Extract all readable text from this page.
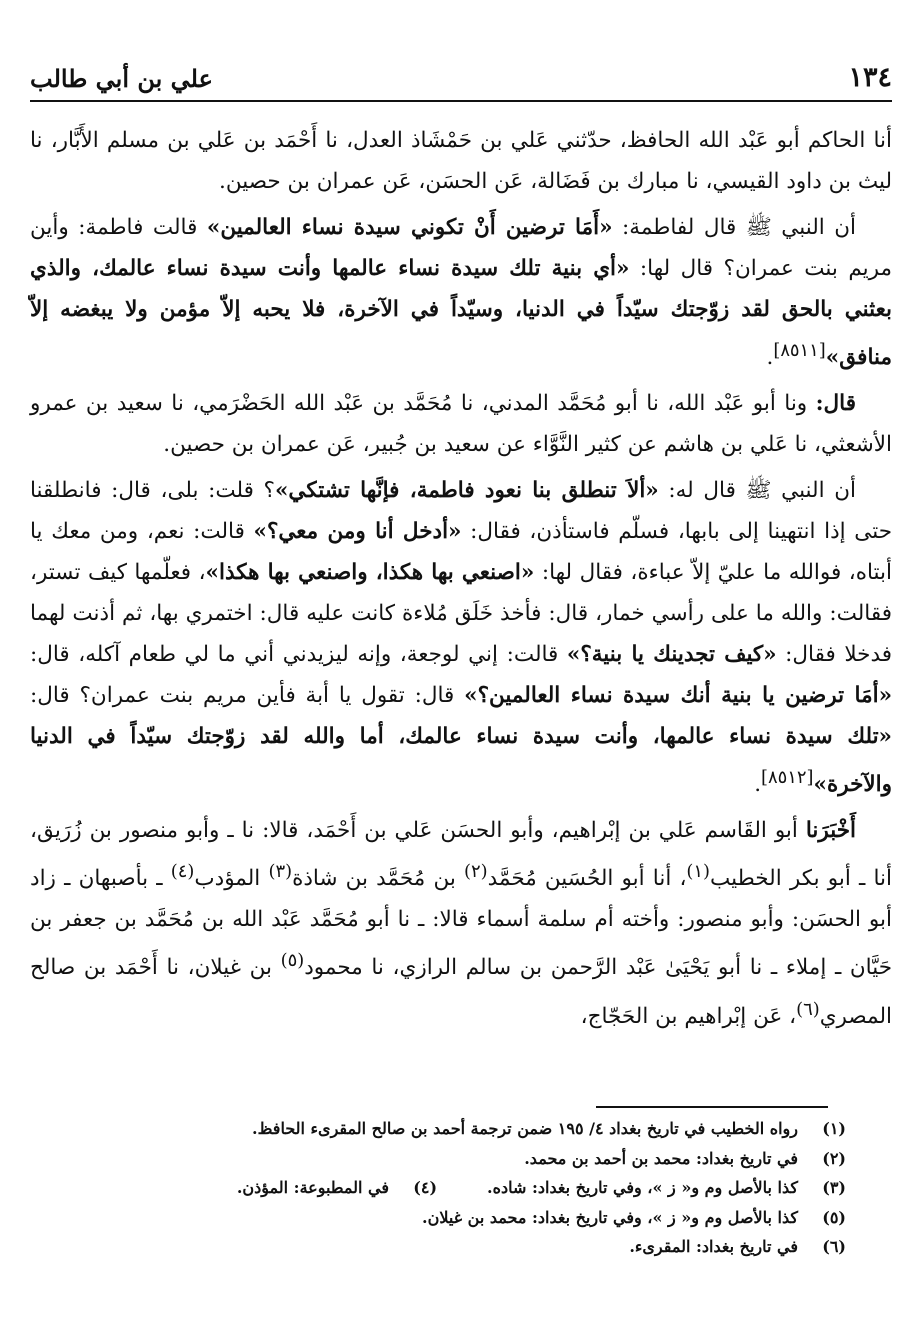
١٣٤
علي بن أبي طالب

أنا الحاكم أبو عَبْد الله الحافظ، حدّثني عَلي بن حَمْشَاذ العدل، نا أَحْمَد بن عَلي بن مسلم الأَبَّار، نا ليث بن داود القيسي، نا مبارك بن فَضَالة، عَن الحسَن، عَن عمران بن حصين.

أن النبي ﷺ قال لفاطمة: «أَمَا ترضين أَنْ تكوني سيدة نساء العالمين» قالت فاطمة: وأين مريم بنت عمران؟ قال لها: «أي بنية تلك سيدة نساء عالمها وأنت سيدة نساء عالمك، والذي بعثني بالحق لقد زوّجتك سيّداً في الدنيا، وسيّداً في الآخرة، فلا يحبه إلاّ مؤمن ولا يبغضه إلاّ منافق»[٨٥١١].

قال: ونا أبو عَبْد الله، نا أبو مُحَمَّد المدني، نا مُحَمَّد بن عَبْد الله الحَضْرَمي، نا سعيد بن عمرو الأشعثي، نا عَلي بن هاشم عن كثير النَّوَّاء عن سعيد بن جُبير، عَن عمران بن حصين.

أن النبي ﷺ قال له: «ألاَ تنطلق بنا نعود فاطمة، فإنَّها تشتكي»؟ قلت: بلى، قال: فانطلقنا حتى إذا انتهينا إلى بابها، فسلّم فاستأذن، فقال: «أدخل أنا ومن معي؟» قالت: نعم، ومن معك يا أبتاه، فوالله ما عليّ إلاّ عباءة، فقال لها: «اصنعي بها هكذا، واصنعي بها هكذا»، فعلّمها كيف تستر، فقالت: والله ما على رأسي خمار، قال: فأخذ خَلَق مُلاءة كانت عليه قال: اختمري بها، ثم أذنت لهما فدخلا فقال: «كيف تجدينك يا بنية؟» قالت: إني لوجعة، وإنه ليزيدني أني ما لي طعام آكله، قال: «أمَا ترضين يا بنية أنك سيدة نساء العالمين؟» قال: تقول يا أبة فأين مريم بنت عمران؟ قال: «تلك سيدة نساء عالمها، وأنت سيدة نساء عالمك، أما والله لقد زوّجتك سيّداً في الدنيا والآخرة»[٨٥١٢].

أَخْبَرَنا أبو القَاسم عَلي بن إبْراهيم، وأبو الحسَن عَلي بن أَحْمَد، قالا: نا ـ وأبو منصور بن زُرَيق، أنا ـ أبو بكر الخطيب$^{(١)}$، أنا أبو الحُسَين مُحَمَّد$^{(٢)}$ بن مُحَمَّد بن شاذة$^{(٣)}$ المؤدب$^{(٤)}$ ـ بأصبهان ـ زاد أبو الحسَن: وأبو منصور: وأخته أم سلمة أسماء قالا: ـ نا أبو مُحَمَّد عَبْد الله بن مُحَمَّد بن جعفر بن حَيَّان ـ إملاء ـ نا أبو يَحْيَىٰ عَبْد الرَّحمن بن سالم الرازي، نا محمود$^{(٥)}$ بن غيلان، نا أَحْمَد بن صالح المصري$^{(٦)}$، عَن إبْراهيم بن الحَجّاج،

(١)رواه الخطيب في تاريخ بغداد ٤/ ١٩٥ ضمن ترجمة أحمد بن صالح المقرىء الحافظ.
(٢)في تاريخ بغداد: محمد بن أحمد بن محمد.
(٣)كذا بالأصل وم و« ز »، وفي تاريخ بغداد: شاده.(٤)في المطبوعة: المؤذن.
(٥)كذا بالأصل وم و« ز »، وفي تاريخ بغداد: محمد بن غيلان.
(٦)في تاريخ بغداد: المقرىء.
